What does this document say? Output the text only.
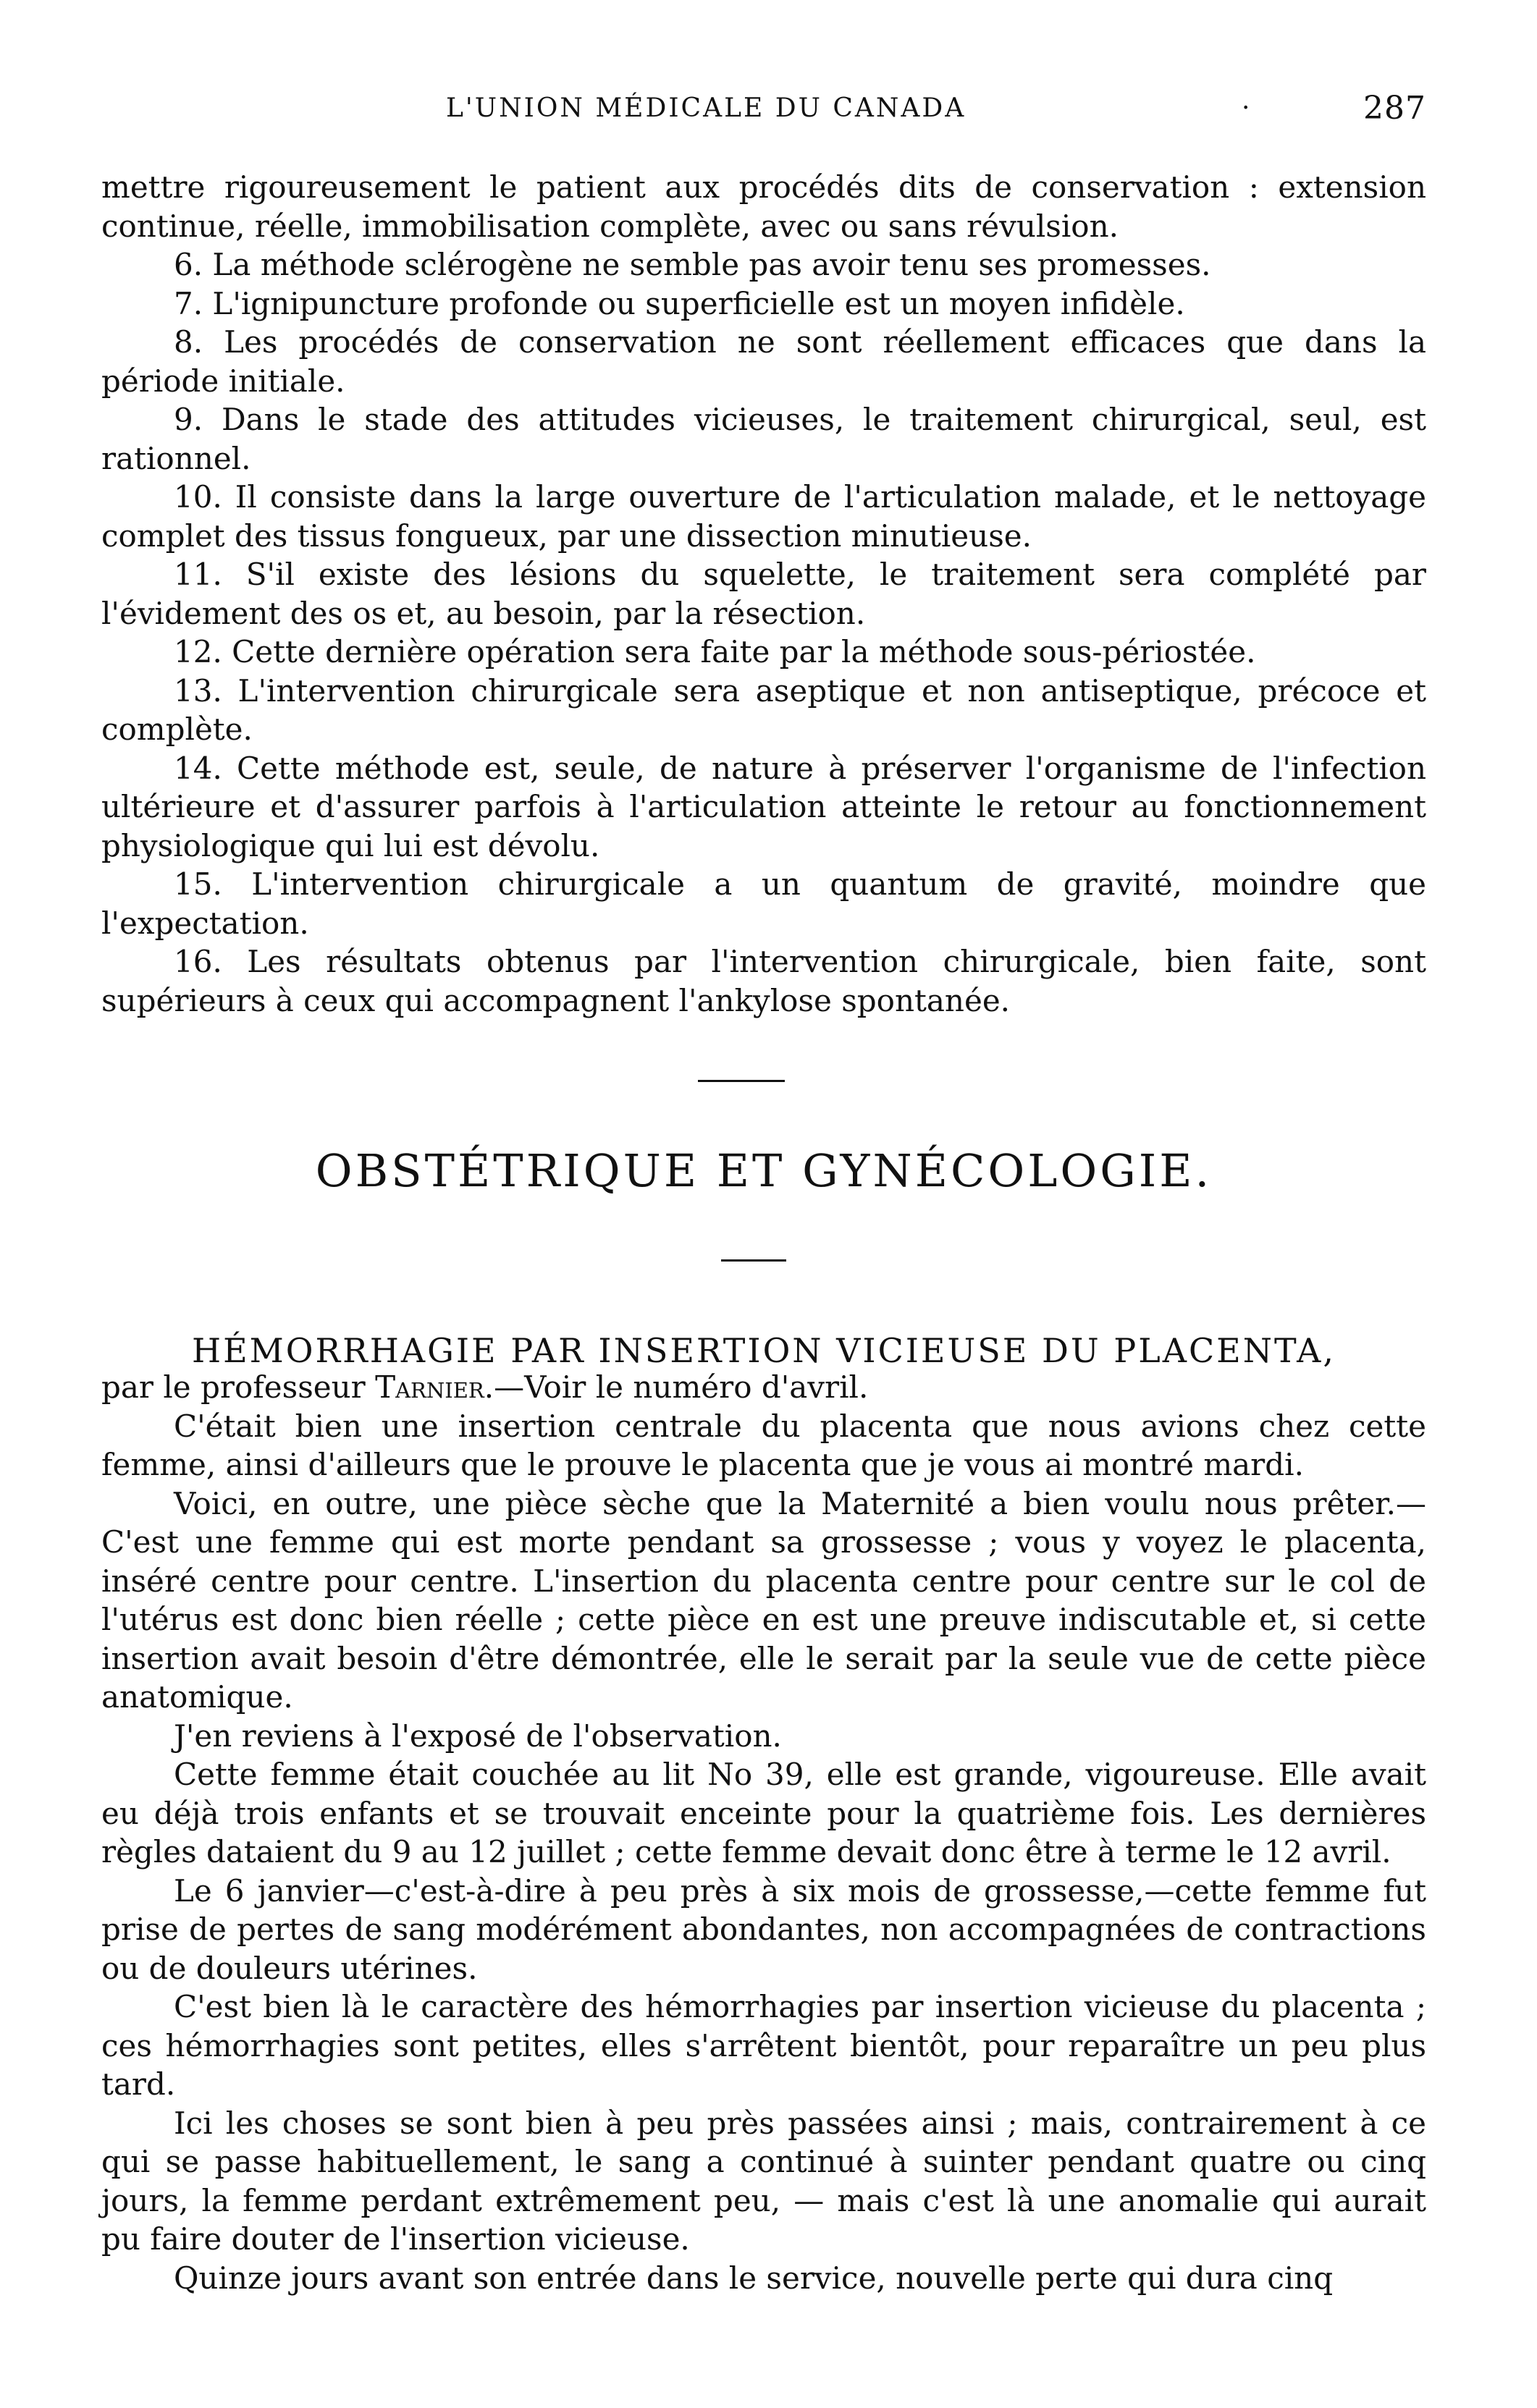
L'UNION MÉDICALE DU CANADA	·	287

mettre rigoureusement le patient aux procédés dits de conservation : extension continue, réelle, immobilisation complète, avec ou sans révulsion.

6. La méthode sclérogène ne semble pas avoir tenu ses promesses.

7. L'ignipuncture profonde ou superficielle est un moyen infidèle.

8. Les procédés de conservation ne sont réellement efficaces que dans la période initiale.

9. Dans le stade des attitudes vicieuses, le traitement chirurgical, seul, est rationnel.

10. Il consiste dans la large ouverture de l'articulation malade, et le nettoyage complet des tissus fongueux, par une dissection minutieuse.

11. S'il existe des lésions du squelette, le traitement sera complété par l'évidement des os et, au besoin, par la résection.

12. Cette dernière opération sera faite par la méthode sous-périostée.

13. L'intervention chirurgicale sera aseptique et non antiseptique, précoce et complète.

14. Cette méthode est, seule, de nature à préserver l'organisme de l'infection ultérieure et d'assurer parfois à l'articulation atteinte le retour au fonctionnement physiologique qui lui est dévolu.

15. L'intervention chirurgicale a un quantum de gravité, moindre que l'expectation.

16. Les résultats obtenus par l'intervention chirurgicale, bien faite, sont supérieurs à ceux qui accompagnent l'ankylose spontanée.

OBSTÉTRIQUE ET GYNÉCOLOGIE.
HÉMORRHAGIE PAR INSERTION VICIEUSE DU PLACENTA,

par le professeur Tarnier.—Voir le numéro d'avril.

C'était bien une insertion centrale du placenta que nous avions chez cette femme, ainsi d'ailleurs que le prouve le placenta que je vous ai montré mardi.

Voici, en outre, une pièce sèche que la Maternité a bien voulu nous prêter.— C'est une femme qui est morte pendant sa grossesse ; vous y voyez le placenta, inséré centre pour centre. L'insertion du placenta centre pour centre sur le col de l'utérus est donc bien réelle ; cette pièce en est une preuve indiscutable et, si cette insertion avait besoin d'être démontrée, elle le serait par la seule vue de cette pièce anatomique.

J'en reviens à l'exposé de l'observation.

Cette femme était couchée au lit No 39, elle est grande, vigoureuse. Elle avait eu déjà trois enfants et se trouvait enceinte pour la quatrième fois. Les dernières règles dataient du 9 au 12 juillet ; cette femme devait donc être à terme le 12 avril.

Le 6 janvier—c'est-à-dire à peu près à six mois de grossesse,—cette femme fut prise de pertes de sang modérément abondantes, non accompagnées de contractions ou de douleurs utérines.

C'est bien là le caractère des hémorrhagies par insertion vicieuse du placenta ; ces hémorrhagies sont petites, elles s'arrêtent bientôt, pour reparaître un peu plus tard.

Ici les choses se sont bien à peu près passées ainsi ; mais, contrairement à ce qui se passe habituellement, le sang a continué à suinter pendant quatre ou cinq jours, la femme perdant extrêmement peu, — mais c'est là une anomalie qui aurait pu faire douter de l'insertion vicieuse.

Quinze jours avant son entrée dans le service, nouvelle perte qui dura cinq
